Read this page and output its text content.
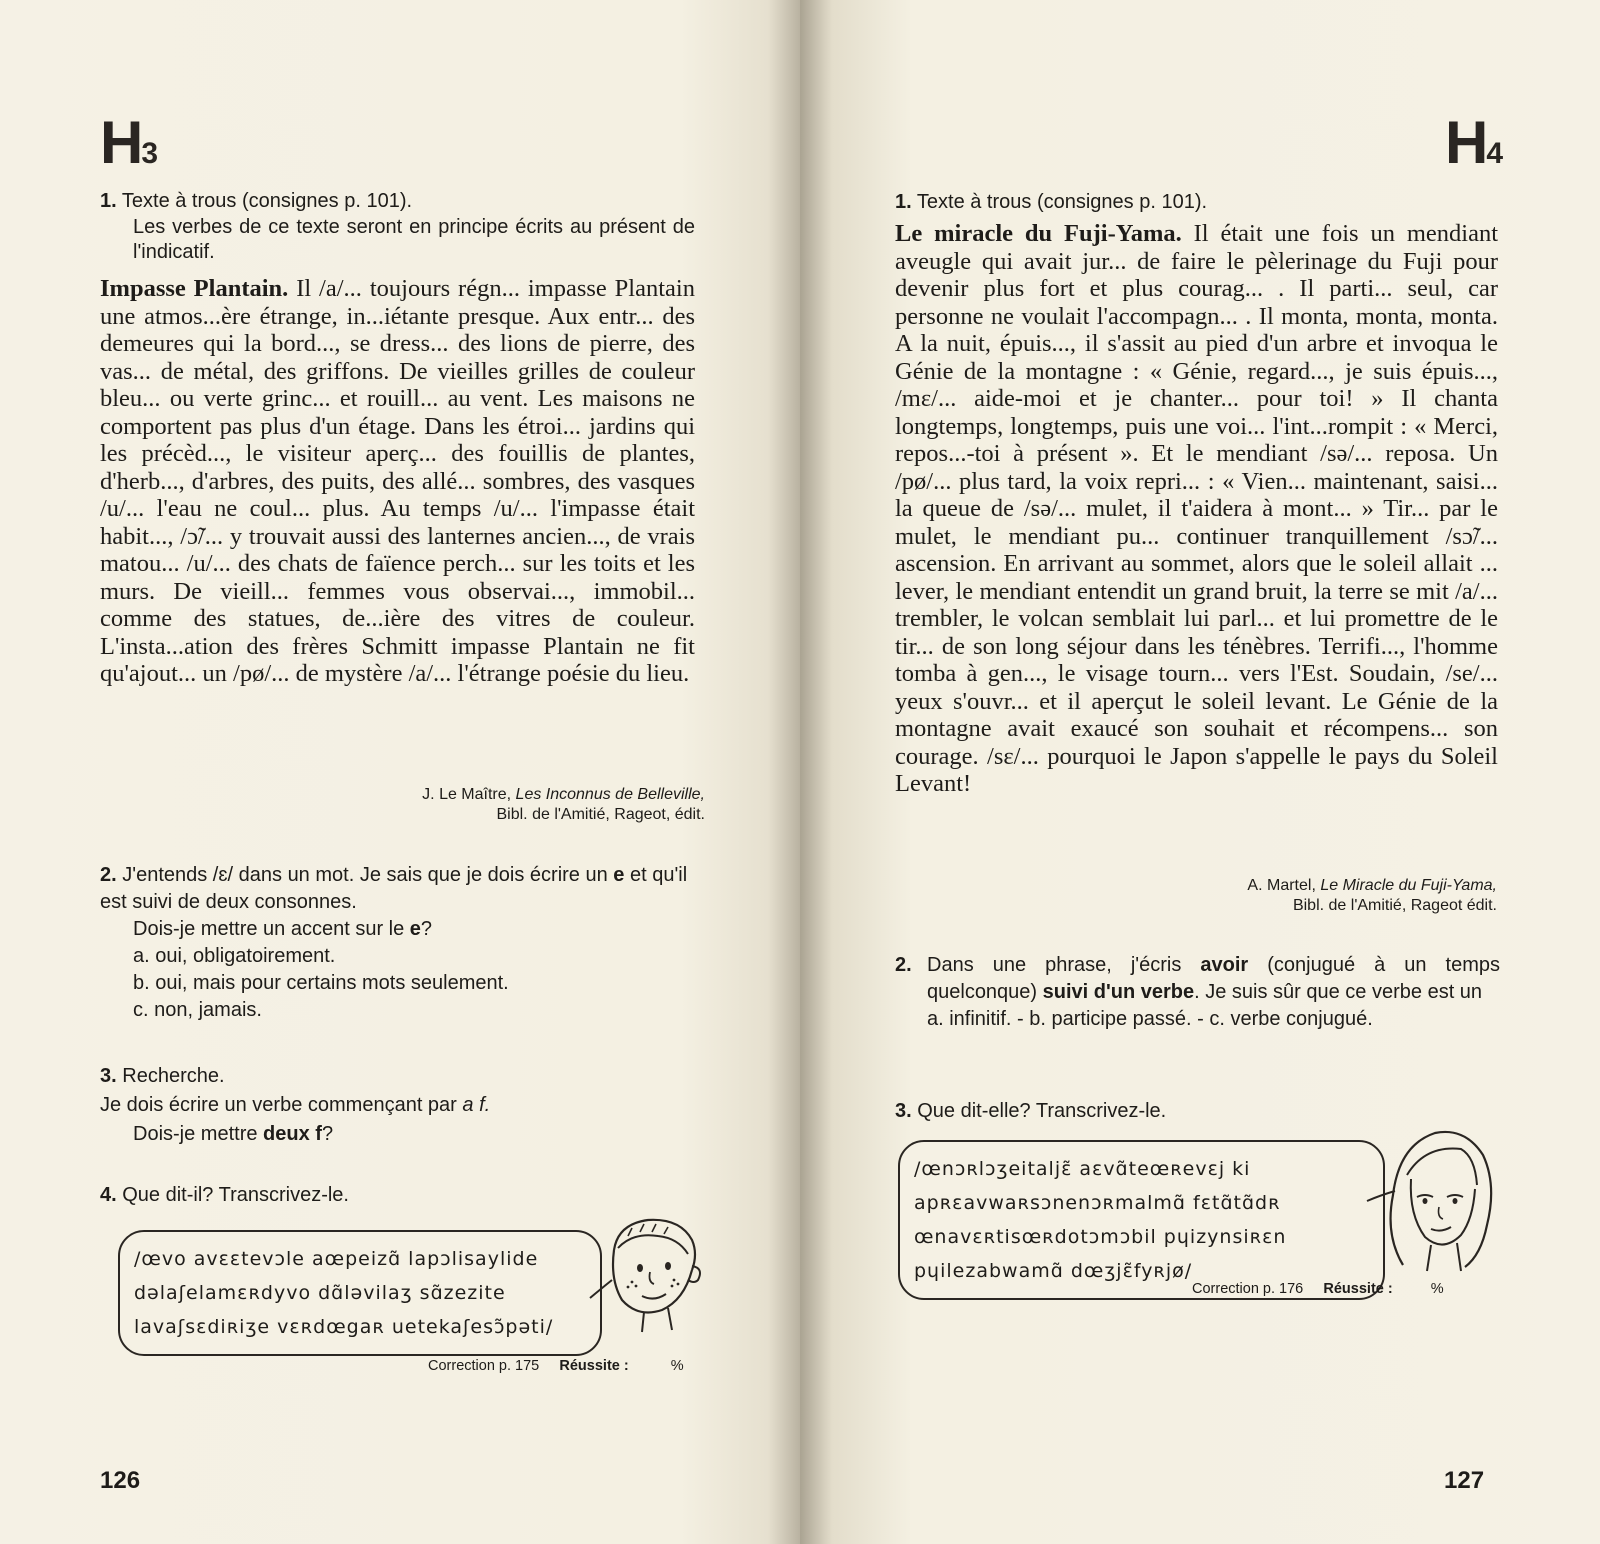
H3
1. Texte à trous (consignes p. 101).
Les verbes de ce texte seront en principe écrits au présent de l'indicatif.
Impasse Plantain. Il /a/... toujours régn... impasse Plantain une atmos...ère étrange, in...iétante presque. Aux entr... des demeures qui la bord..., se dress... des lions de pierre, des vas... de métal, des griffons. De vieilles grilles de couleur bleu... ou verte grinc... et rouill... au vent. Les maisons ne comportent pas plus d'un étage. Dans les étroi... jardins qui les précèd..., le visiteur aperç... des fouillis de plantes, d'herb..., d'arbres, des puits, des allé... sombres, des vasques /u/... l'eau ne coul... plus. Au temps /u/... l'impasse était habit..., /ɔ̃/... y trouvait aussi des lanternes ancien..., de vrais matou... /u/... des chats de faïence perch... sur les toits et les murs. De vieill... femmes vous observai..., immobil... comme des statues, de...ière des vitres de couleur. L'insta...ation des frères Schmitt impasse Plantain ne fit qu'ajout... un /pø/... de mystère /a/... l'étrange poésie du lieu.
J. Le Maître, Les Inconnus de Belleville,
Bibl. de l'Amitié, Rageot, édit.
2. J'entends /ɛ/ dans un mot. Je sais que je dois écrire un e et qu'il est suivi de deux consonnes.
Dois-je mettre un accent sur le e?
a. oui, obligatoirement.
b. oui, mais pour certains mots seulement.
c. non, jamais.
3. Recherche.
Je dois écrire un verbe commençant par a f.
Dois-je mettre deux f?
4. Que dit-il? Transcrivez-le.
/œvo avɛɛtevɔle aœpeizɑ̃ lapɔlisaylide
dəlaʃelamɛʀdyvo dɑ̃ləvilaʒ sɑ̃zezite
lavaʃsɛdiʀiʒe vɛʀdœgaʀ uetekaʃesɔ̃pəti/
Correction p. 175 Réussite :	%
126
H4
1. Texte à trous (consignes p. 101).
Le miracle du Fuji-Yama. Il était une fois un mendiant aveugle qui avait jur... de faire le pèlerinage du Fuji pour devenir plus fort et plus courag... . Il parti... seul, car personne ne voulait l'accompagn... . Il monta, monta, monta. A la nuit, épuis..., il s'assit au pied d'un arbre et invoqua le Génie de la montagne : « Génie, regard..., je suis épuis..., /mɛ/... aide-moi et je chanter... pour toi! » Il chanta longtemps, longtemps, puis une voi... l'int...rompit : « Merci, repos...-toi à présent ». Et le mendiant /sə/... reposa. Un /pø/... plus tard, la voix repri... : « Vien... maintenant, saisi... la queue de /sə/... mulet, il t'aidera à mont... » Tir... par le mulet, le mendiant pu... continuer tranquillement /sɔ̃/... ascension. En arrivant au sommet, alors que le soleil allait ... lever, le mendiant entendit un grand bruit, la terre se mit /a/... trembler, le volcan semblait lui parl... et lui promettre de le tir... de son long séjour dans les ténèbres. Terrifi..., l'homme tomba à gen..., le visage tourn... vers l'Est. Soudain, /se/... yeux s'ouvr... et il aperçut le soleil levant. Le Génie de la montagne avait exaucé son souhait et récompens... son courage. /sɛ/... pourquoi le Japon s'appelle le pays du Soleil Levant!
A. Martel, Le Miracle du Fuji-Yama,
Bibl. de l'Amitié, Rageot édit.
2. Dans une phrase, j'écris avoir (conjugué à un temps quelconque) suivi d'un verbe. Je suis sûr que ce verbe est un
a. infinitif. - b. participe passé. - c. verbe conjugué.
3. Que dit-elle? Transcrivez-le.
/œnɔʀlɔʒeitaljɛ̃ aɛvɑ̃teœʀevɛj ki
apʀɛavwaʀsɔnenɔʀmalmɑ̃ fɛtɑ̃tɑ̃dʀ
œnavɛʀtisœʀdotɔmɔbil pɥizynsiʀɛn
pɥilezabwamɑ̃ dœʒjɛ̃fyʀjø/
Correction p. 176 Réussite :	%
127
